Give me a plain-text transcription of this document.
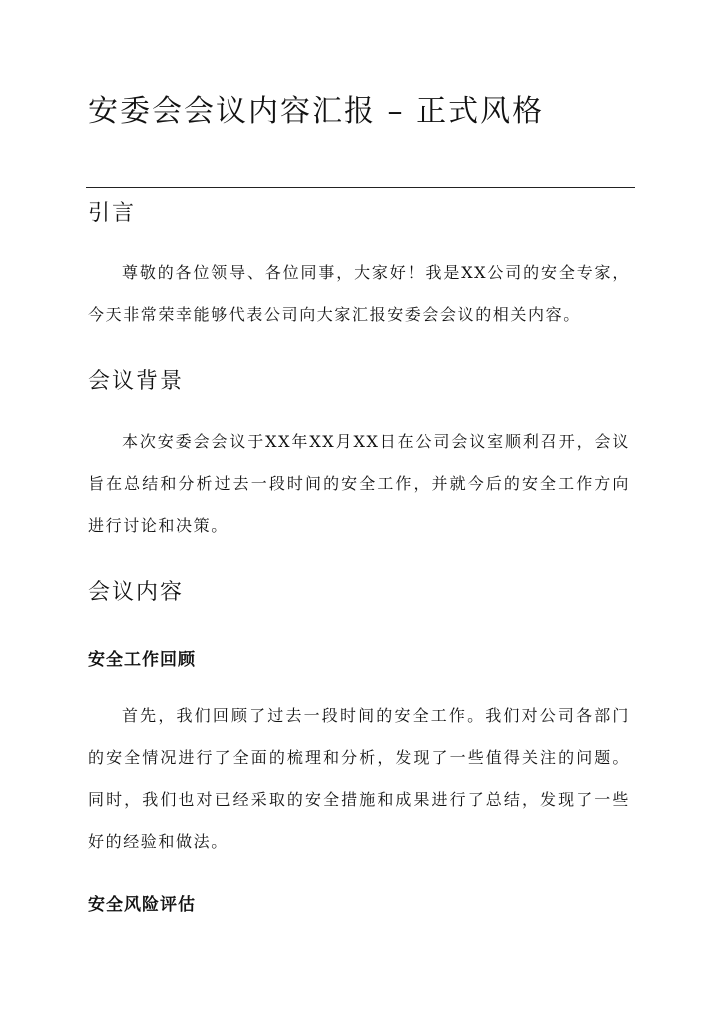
安委会会议内容汇报 – 正式风格
引言

尊敬的各位领导、各位同事，大家好！我是XX公司的安全专家，今天非常荣幸能够代表公司向大家汇报安委会会议的相关内容。

会议背景

本次安委会会议于XX年XX月XX日在公司会议室顺利召开，会议旨在总结和分析过去一段时间的安全工作，并就今后的安全工作方向进行讨论和决策。

会议内容
安全工作回顾

首先，我们回顾了过去一段时间的安全工作。我们对公司各部门的安全情况进行了全面的梳理和分析，发现了一些值得关注的问题。同时，我们也对已经采取的安全措施和成果进行了总结，发现了一些好的经验和做法。

安全风险评估
